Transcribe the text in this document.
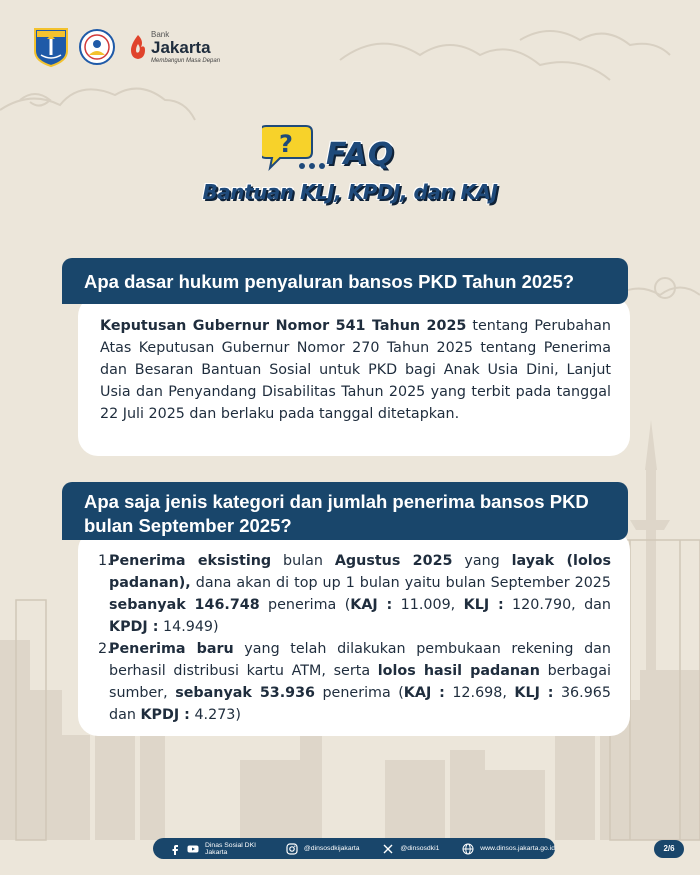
Bank
Jakarta
Membangun Masa Depan
? FAQ
Bantuan KLJ, KPDJ, dan KAJ

Keputusan Gubernur Nomor 541 Tahun 2025 tentang Perubahan Atas Keputusan Gubernur Nomor 270 Tahun 2025 tentang Penerima dan Besaran Bantuan Sosial untuk PKD bagi Anak Usia Dini, Lanjut Usia dan Penyandang Disabilitas Tahun 2025 yang terbit pada tanggal 22 Juli 2025 dan berlaku pada tanggal ditetapkan.

Apa dasar hukum penyaluran bansos PKD Tahun 2025?
1.
Penerima eksisting bulan Agustus 2025 yang layak (lolos padanan), dana akan di top up 1 bulan yaitu bulan September 2025 sebanyak 146.748 penerima (KAJ : 11.009, KLJ : 120.790, dan KPDJ : 14.949)
2.
Penerima baru yang telah dilakukan pembukaan rekening dan berhasil distribusi kartu ATM, serta lolos hasil padanan berbagai sumber, sebanyak 53.936 penerima (KAJ : 12.698, KLJ : 36.965 dan KPDJ : 4.273)
Apa saja jenis kategori dan jumlah penerima bansos PKD bulan September 2025?
Dinas Sosial DKI Jakarta	@dinsosdkijakarta	@dinsosdki1	www.dinsos.jakarta.go.id	2/6
